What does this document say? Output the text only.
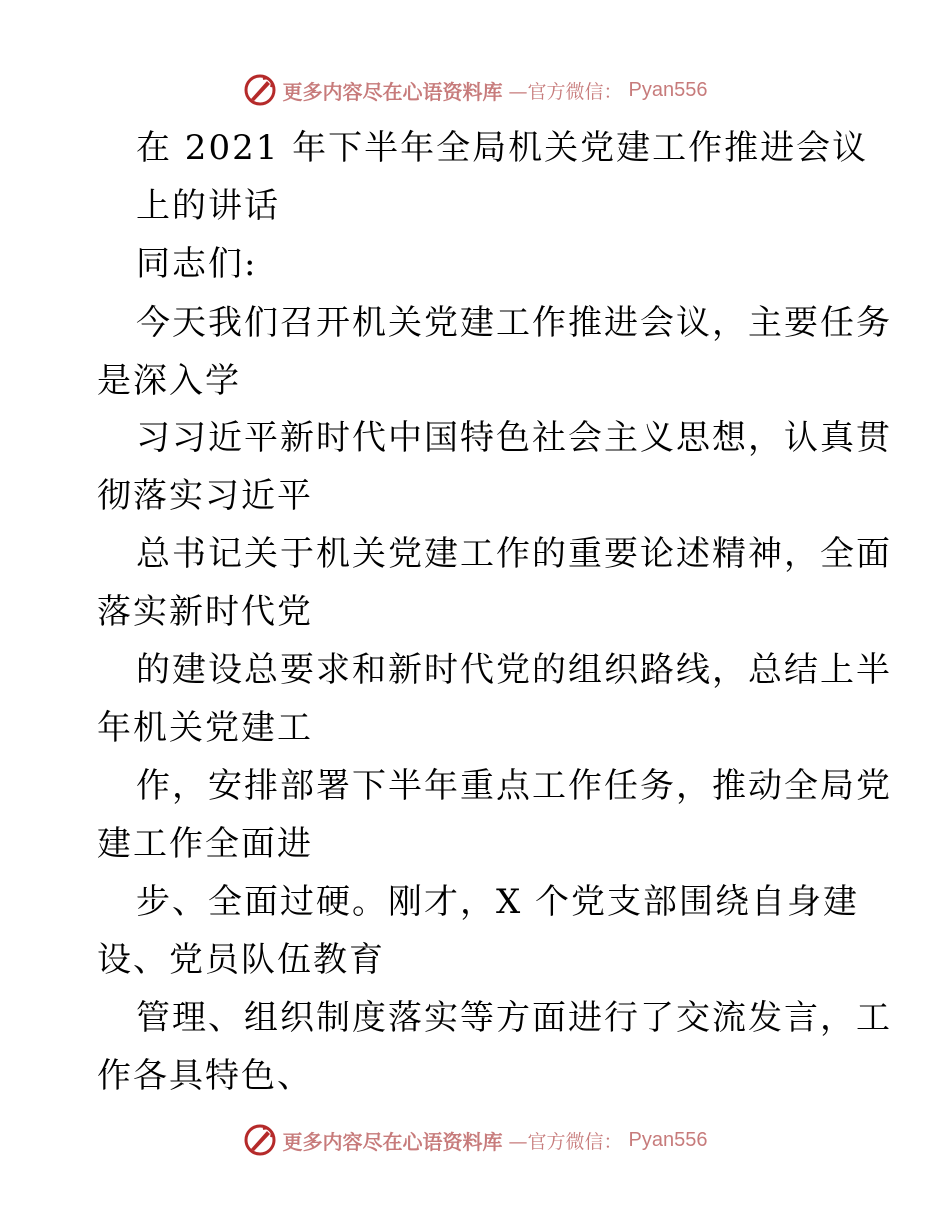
更多内容尽在心语资料库 —官方微信： Pyan556
在 2021 年下半年全局机关党建工作推进会议
上的讲话
同志们:
今天我们召开机关党建工作推进会议，主要任务
是深入学
习习近平新时代中国特色社会主义思想，认真贯
彻落实习近平
总书记关于机关党建工作的重要论述精神，全面
落实新时代党
的建设总要求和新时代党的组织路线，总结上半
年机关党建工
作，安排部署下半年重点工作任务，推动全局党
建工作全面进
步、全面过硬。刚才，X 个党支部围绕自身建
设、党员队伍教育
管理、组织制度落实等方面进行了交流发言，工
作各具特色、
更多内容尽在心语资料库 —官方微信： Pyan556
